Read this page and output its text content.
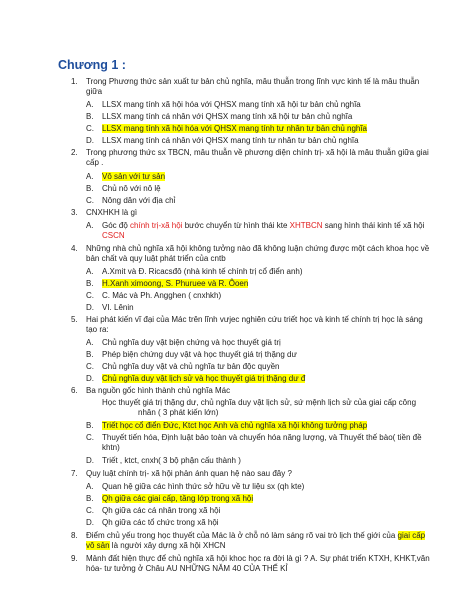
Chương 1 :
1. Trong Phương thức sản xuất tư bản chủ nghĩa, mâu thuẫn trong lĩnh vực kinh tế là mâu thuẫn
giữa
A. LLSX mang tính xã hội hóa với QHSX mang tính xã hội tư bản chủ nghĩa
B. LLSX mang tính cá nhân với QHSX mang tính xã hội tư bản chủ nghĩa
C. LLSX mang tính xã hội hóa với QHSX mang tính tư nhân tư bản chủ nghĩa
D. LLSX mang tính cá nhân với QHSX mang tính tư nhân tư bản chủ nghĩa
2. Trong phương thức sx TBCN, mâu thuẫn về phương diện chính trị- xã hội là mâu thuẫn giữa giai
cấp .
A. Vô sản với tư sản
B. Chủ nô với nô lệ
C. Nông dân với địa chỉ
3. CNXHKH là gì
A. Góc độ chính trị-xã hội bước chuyển từ hình thái kte XHTBCN sang hình thái kinh tế xã hội
CSCN
4. Những nhà chủ nghĩa xã hội không tưởng nào đã không luận chứng được một cách khoa học về
bản chất và quy luật phát triển của cntb
A. A.Xmit và Đ. Ricacsđô (nhà kinh tế chính trị cổ điển anh)
B. H.Xanh ximoong, S. Phuruee và R. Ôoen
C. C. Mác và Ph. Angghen ( cnxhkh)
D. VI. Lênin
5. Hai phát kiến vĩ đại của Mác trên lĩnh vưjec nghiên cứu triết học và kinh tế chính trị học là sáng
tạo ra:
A. Chủ nghĩa duy vật biện chứng và học thuyết giá trị
B. Phép biện chứng duy vật và học thuyết giá trị thặng dư
C. Chủ nghĩa duy vật và chủ nghĩa tư bản độc quyền
D. Chủ nghĩa duy vật lịch sử và học thuyết giá trị thặng dư đ
6. Ba nguồn gốc hình thành chủ nghĩa Mác
Học thuyết giá trị thặng dư, chủ nghĩa duy vật lịch sử, sứ mệnh lịch sử của giai cấp công
nhân ( 3 phát kiến lớn)
B. Triết học cổ điển Đức, Ktct học Anh và chủ nghĩa xã hội không tưởng pháp
C. Thuyết tiến hóa, Định luật bảo toàn và chuyển hóa năng lượng, và Thuyết thế bào( tiền đề
khtn)
D. Triết , ktct, cnxh( 3 bộ phận cấu thành )
7. Quy luật chính trị- xã hội phản ánh quan hệ nào sau đây ?
A. Quan hệ giữa các hình thức sở hữu về tư liệu sx (qh kte)
B. Qh giữa các giai cấp, tầng lớp trong xã hội
C. Qh giữa các cá nhân trong xã hội
D. Qh giữa các tổ chức trong xã hội
8. Điểm chủ yếu trong học thuyết của Mác là ở chỗ nó làm sáng rõ vai trò lịch thế giới của giai cấp
vô sản là người xây dựng xã hội XHCN
9. Mảnh đất hiện thực để chủ nghĩa xã hội khoc học ra đời là gì ? A. Sự phát triển KTXH, KHKT,văn
hóa- tư tưởng ở Châu AU NHỮNG NĂM 40 CỦA THẾ KỈ
